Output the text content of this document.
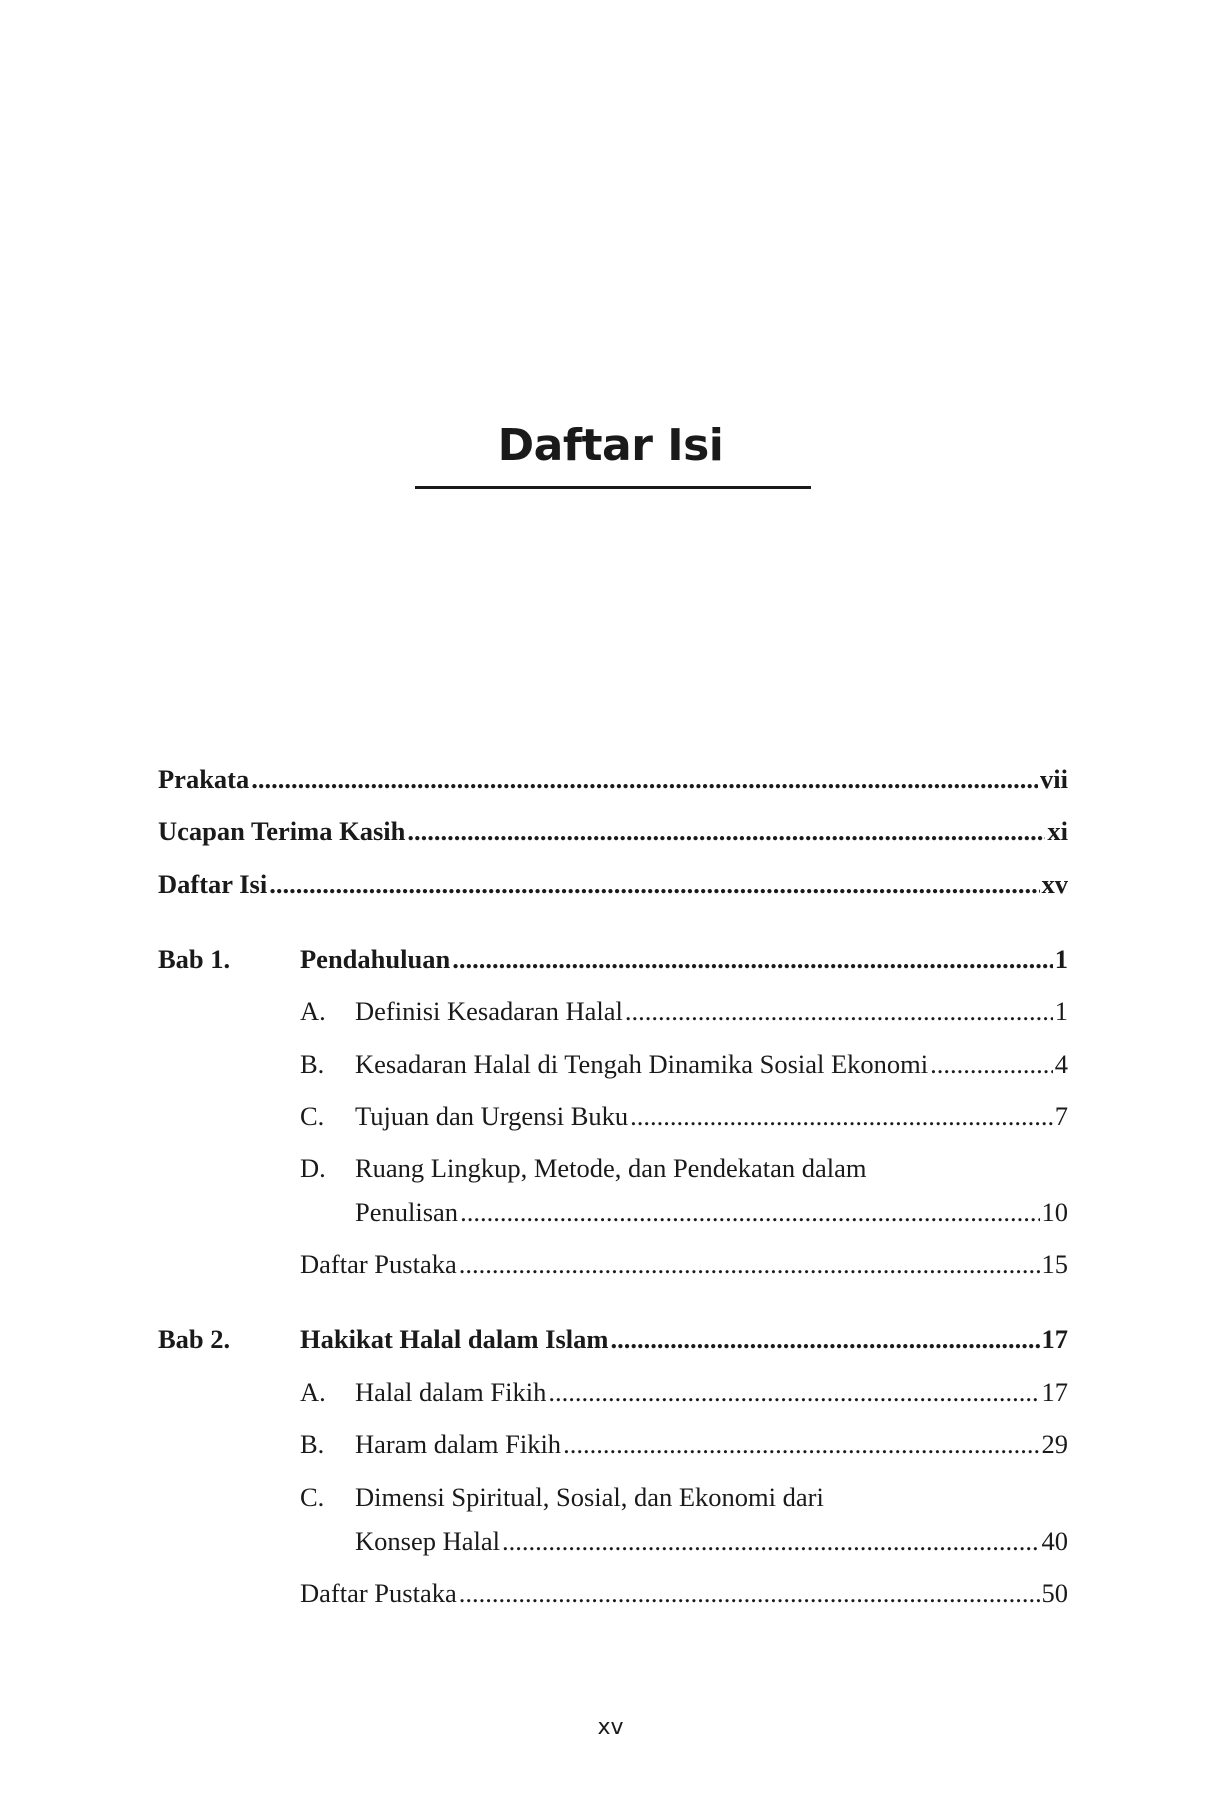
Daftar Isi
Prakata .....	vii
Ucapan Terima Kasih .....	xi
Daftar Isi .....	xv
Bab 1.	Pendahuluan .....	1
A. Definisi Kesadaran Halal .....	1
B. Kesadaran Halal di Tengah Dinamika Sosial Ekonomi .....	4
C. Tujuan dan Urgensi Buku .....	7
D. Ruang Lingkup, Metode, dan Pendekatan dalam
Penulisan .....	10
Daftar Pustaka .....	15
Bab 2.	Hakikat Halal dalam Islam .....	17
A. Halal dalam Fikih .....	17
B. Haram dalam Fikih .....	29
C. Dimensi Spiritual, Sosial, dan Ekonomi dari
Konsep Halal .....	40
Daftar Pustaka .....	50
xv
